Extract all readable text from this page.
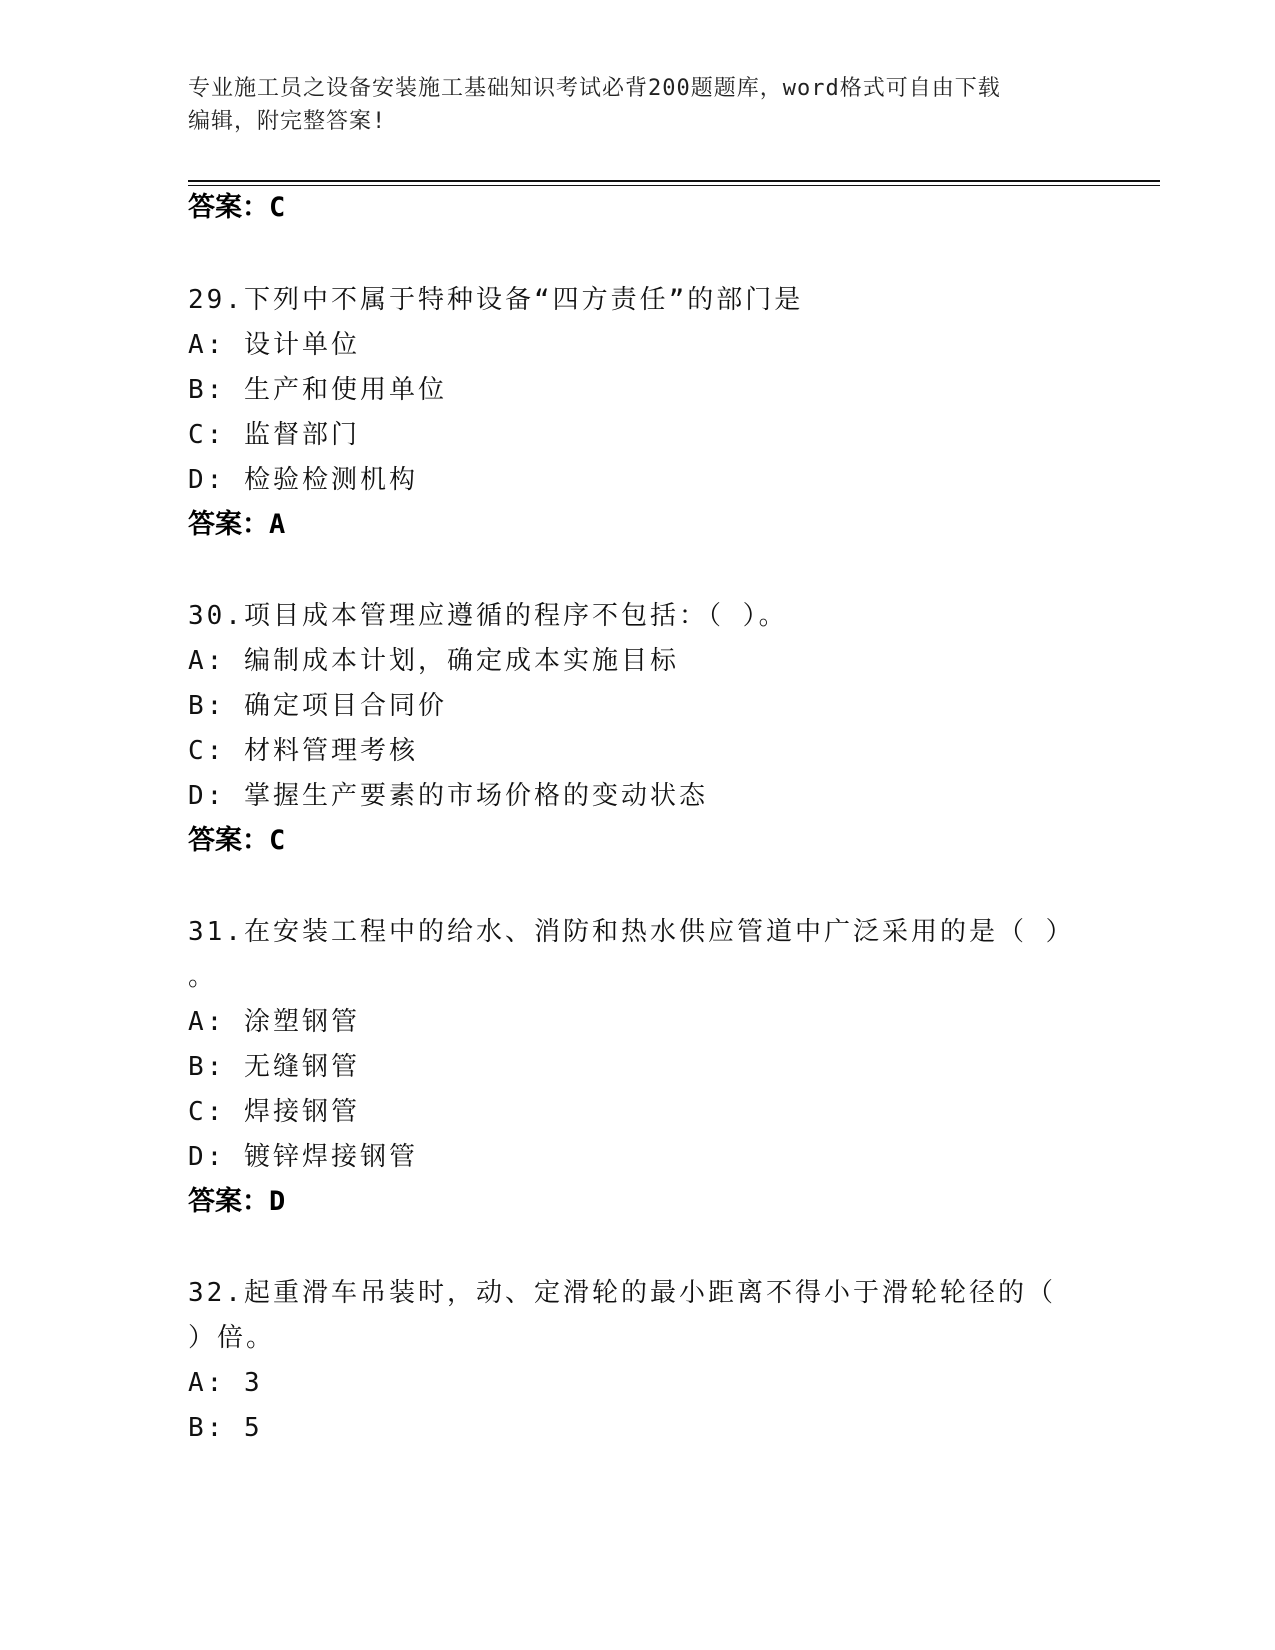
专业施工员之设备安装施工基础知识考试必背200题题库，word格式可自由下载
编辑，附完整答案!
答案：C
29.下列中不属于特种设备“四方责任”的部门是
A: 设计单位
B: 生产和使用单位
C: 监督部门
D: 检验检测机构
答案：A
30.项目成本管理应遵循的程序不包括：（ ）。
A: 编制成本计划，确定成本实施目标
B: 确定项目合同价
C: 材料管理考核
D: 掌握生产要素的市场价格的变动状态
答案：C
31.在安装工程中的给水、消防和热水供应管道中广泛采用的是（ ）
。
A: 涂塑钢管
B: 无缝钢管
C: 焊接钢管
D: 镀锌焊接钢管
答案：D
32.起重滑车吊装时，动、定滑轮的最小距离不得小于滑轮轮径的（
）倍。
A: 3
B: 5
